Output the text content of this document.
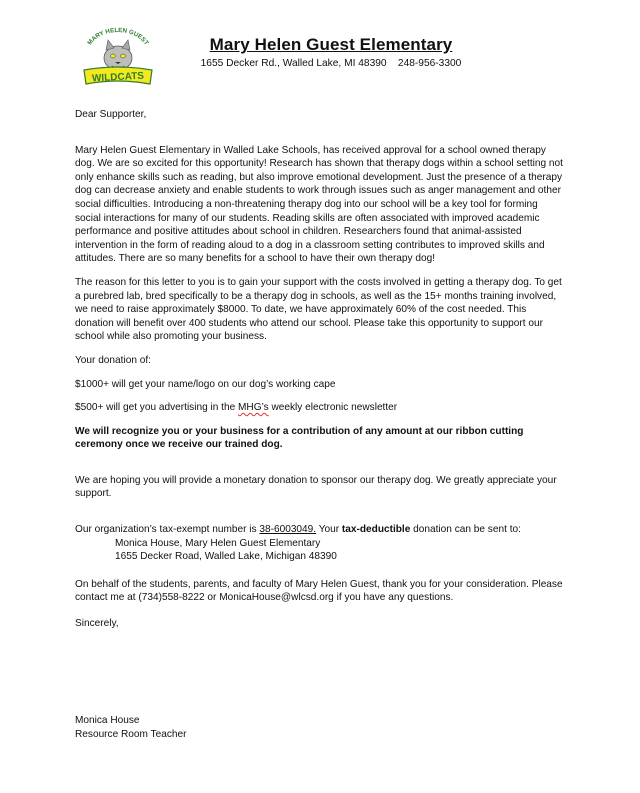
MARY HELEN GUEST
WILDCATS
Mary Helen Guest Elementary
1655 Decker Rd., Walled Lake, MI 48390 248-956-3300

Dear Supporter,

Mary Helen Guest Elementary in Walled Lake Schools, has received approval for a school owned therapy dog. We are so excited for this opportunity! Research has shown that therapy dogs within a school setting not only enhance skills such as reading, but also improve emotional development. Just the presence of a therapy dog can decrease anxiety and enable students to work through issues such as anger management and other social difficulties. Introducing a non-threatening therapy dog into our school will be a key tool for forming social interactions for many of our students. Reading skills are often associated with improved academic performance and positive attitudes about school in children. Researchers found that animal-assisted intervention in the form of reading aloud to a dog in a classroom setting contributes to improved skills and attitudes. There are so many benefits for a school to have their own therapy dog!

The reason for this letter to you is to gain your support with the costs involved in getting a therapy dog. To get a purebred lab, bred specifically to be a therapy dog in schools, as well as the 15+ months training involved, we need to raise approximately $8000. To date, we have approximately 60% of the cost needed. This donation will benefit over 400 students who attend our school. Please take this opportunity to support our school while also promoting your business.

Your donation of:

$1000+ will get your name/logo on our dog’s working cape

$500+ will get you advertising in the MHG’s weekly electronic newsletter

We will recognize you or your business for a contribution of any amount at our ribbon cutting ceremony once we receive our trained dog.

We are hoping you will provide a monetary donation to sponsor our therapy dog. We greatly appreciate your support.

Our organization’s tax-exempt number is 38-6003049. Your tax-deductible donation can be sent to:

Monica House, Mary Helen Guest Elementary

1655 Decker Road, Walled Lake, Michigan 48390

On behalf of the students, parents, and faculty of Mary Helen Guest, thank you for your consideration. Please contact me at (734)558-8222 or MonicaHouse@wlcsd.org if you have any questions.

Sincerely,

Monica House
Resource Room Teacher
